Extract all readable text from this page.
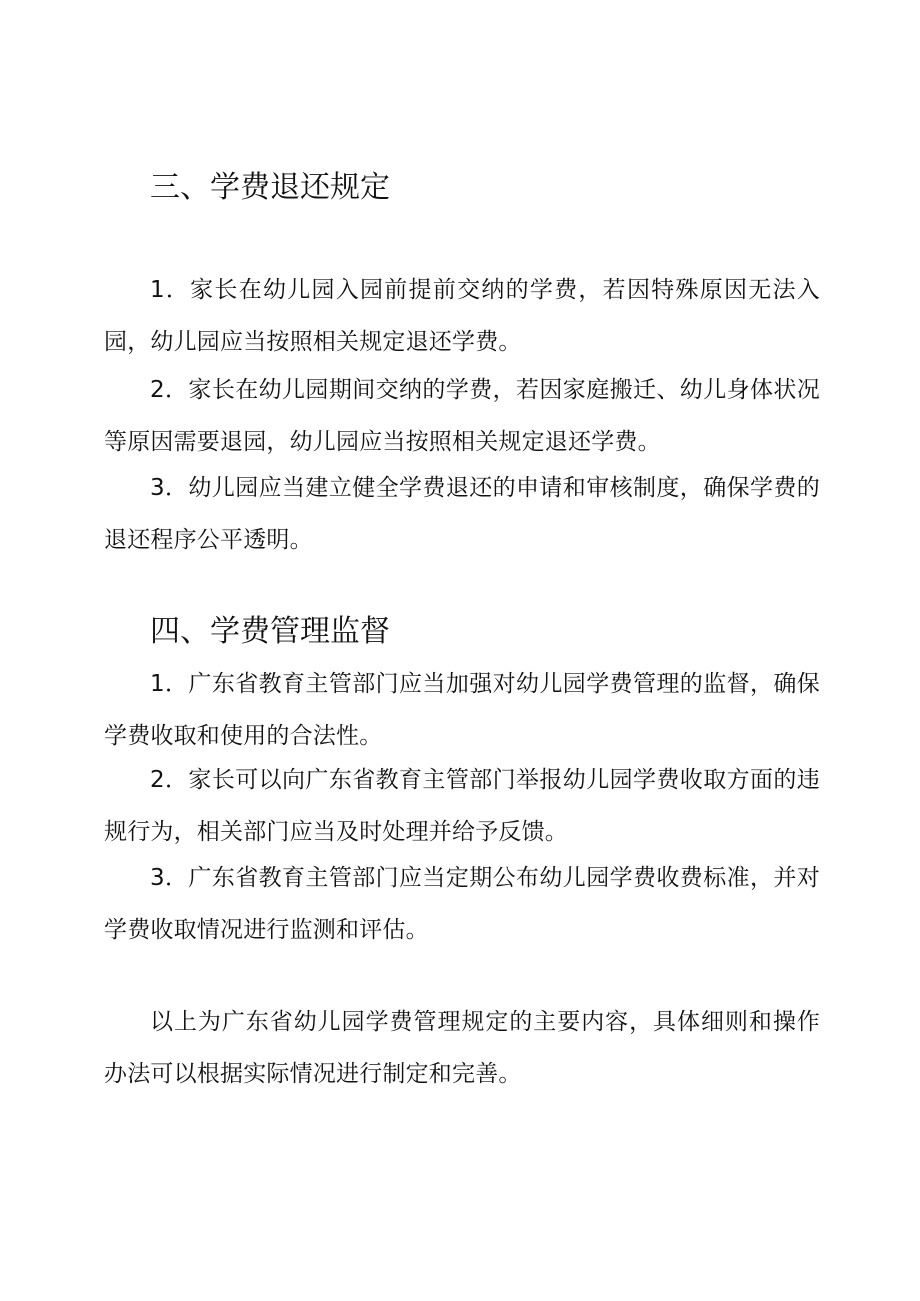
三、学费退还规定

1．家长在幼儿园入园前提前交纳的学费，若因特殊原因无法入园，幼儿园应当按照相关规定退还学费。

2．家长在幼儿园期间交纳的学费，若因家庭搬迁、幼儿身体状况等原因需要退园，幼儿园应当按照相关规定退还学费。

3．幼儿园应当建立健全学费退还的申请和审核制度，确保学费的退还程序公平透明。

四、学费管理监督

1．广东省教育主管部门应当加强对幼儿园学费管理的监督，确保学费收取和使用的合法性。

2．家长可以向广东省教育主管部门举报幼儿园学费收取方面的违规行为，相关部门应当及时处理并给予反馈。

3．广东省教育主管部门应当定期公布幼儿园学费收费标准，并对学费收取情况进行监测和评估。

以上为广东省幼儿园学费管理规定的主要内容，具体细则和操作办法可以根据实际情况进行制定和完善。
